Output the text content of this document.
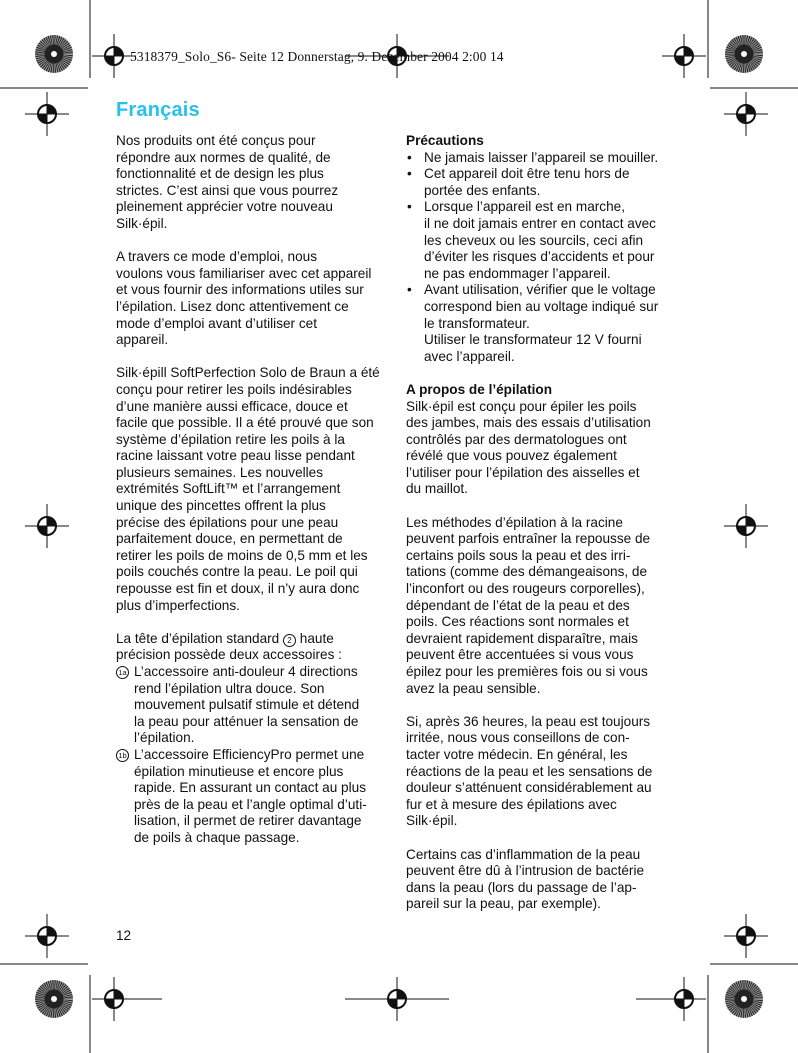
5318379_Solo_S6- Seite 12 Donnerstag, 9. Dezember 2004 2:00 14
Français

Nos produits ont été conçus pour
répondre aux normes de qualité, de
fonctionnalité et de design les plus
strictes. C’est ainsi que vous pourrez
pleinement apprécier votre nouveau
Silk·épil.

A travers ce mode d’emploi, nous
voulons vous familiariser avec cet appareil
et vous fournir des informations utiles sur
l’épilation. Lisez donc attentivement ce
mode d’emploi avant d’utiliser cet
appareil.

Silk·épill SoftPerfection Solo de Braun a été
conçu pour retirer les poils indésirables
d’une manière aussi efficace, douce et
facile que possible. Il a été prouvé que son
système d’épilation retire les poils à la
racine laissant votre peau lisse pendant
plusieurs semaines. Les nouvelles
extrémités SoftLift™ et l’arrangement
unique des pincettes offrent la plus
précise des épilations pour une peau
parfaitement douce, en permettant de
retirer les poils de moins de 0,5 mm et les
poils couchés contre la peau. Le poil qui
repousse est fin et doux, il n’y aura donc
plus d’imperfections.

La tête d’épilation standard 2 haute
précision possède deux accessoires :

1a L’accessoire anti-douleur 4 directions
rend l’épilation ultra douce. Son
mouvement pulsatif stimule et détend
la peau pour atténuer la sensation de
l’épilation.
1b L’accessoire EfficiencyPro permet une
épilation minutieuse et encore plus
rapide. En assurant un contact au plus
près de la peau et l’angle optimal d’uti-
lisation, il permet de retirer davantage
de poils à chaque passage.
Précautions
• Ne jamais laisser l’appareil se mouiller.
• Cet appareil doit être tenu hors de
portée des enfants.
• Lorsque l’appareil est en marche,
il ne doit jamais entrer en contact avec
les cheveux ou les sourcils, ceci afin
d’éviter les risques d’accidents et pour
ne pas endommager l’appareil.
• Avant utilisation, vérifier que le voltage
correspond bien au voltage indiqué sur
le transformateur.
Utiliser le transformateur 12 V fourni
avec l’appareil.
A propos de l’épilation

Silk·épil est conçu pour épiler les poils
des jambes, mais des essais d’utilisation
contrôlés par des dermatologues ont
révélé que vous pouvez également
l’utiliser pour l’épilation des aisselles et
du maillot.

Les méthodes d’épilation à la racine
peuvent parfois entraîner la repousse de
certains poils sous la peau et des irri-
tations (comme des démangeaisons, de
l’inconfort ou des rougeurs corporelles),
dépendant de l’état de la peau et des
poils. Ces réactions sont normales et
devraient rapidement disparaître, mais
peuvent être accentuées si vous vous
épilez pour les premières fois ou si vous
avez la peau sensible.

Si, après 36 heures, la peau est toujours
irritée, nous vous conseillons de con-
tacter votre médecin. En général, les
réactions de la peau et les sensations de
douleur s’atténuent considérablement au
fur et à mesure des épilations avec
Silk·épil.

Certains cas d’inflammation de la peau
peuvent être dû à l’intrusion de bactérie
dans la peau (lors du passage de l’ap-
pareil sur la peau, par exemple).

12
